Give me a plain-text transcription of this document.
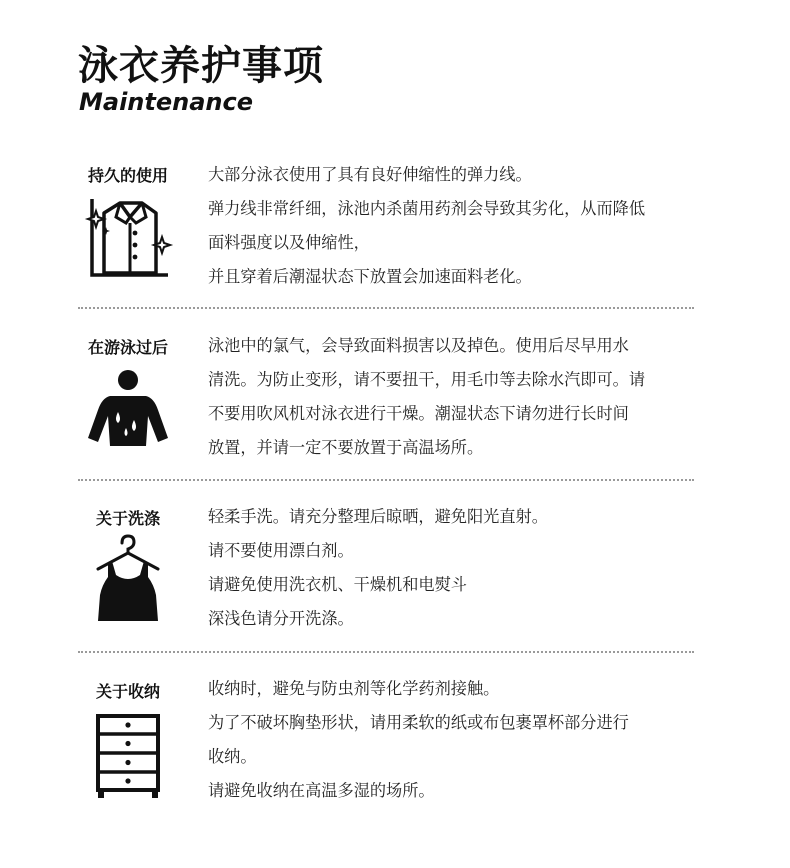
泳衣养护事项
Maintenance
持久的使用	大部分泳衣使用了具有良好伸缩性的弹力线。
弹力线非常纤细，泳池内杀菌用药剂会导致其劣化，从而降低
面料强度以及伸缩性，
并且穿着后潮湿状态下放置会加速面料老化。
在游泳过后	泳池中的氯气，会导致面料损害以及掉色。使用后尽早用水
清洗。为防止变形，请不要扭干，用毛巾等去除水汽即可。请
不要用吹风机对泳衣进行干燥。潮湿状态下请勿进行长时间
放置，并请一定不要放置于高温场所。
关于洗涤	轻柔手洗。请充分整理后晾晒，避免阳光直射。
请不要使用漂白剂。
请避免使用洗衣机、干燥机和电熨斗
深浅色请分开洗涤。
关于收纳	收纳时，避免与防虫剂等化学药剂接触。
为了不破坏胸垫形状，请用柔软的纸或布包裹罩杯部分进行
收纳。
请避免收纳在高温多湿的场所。
